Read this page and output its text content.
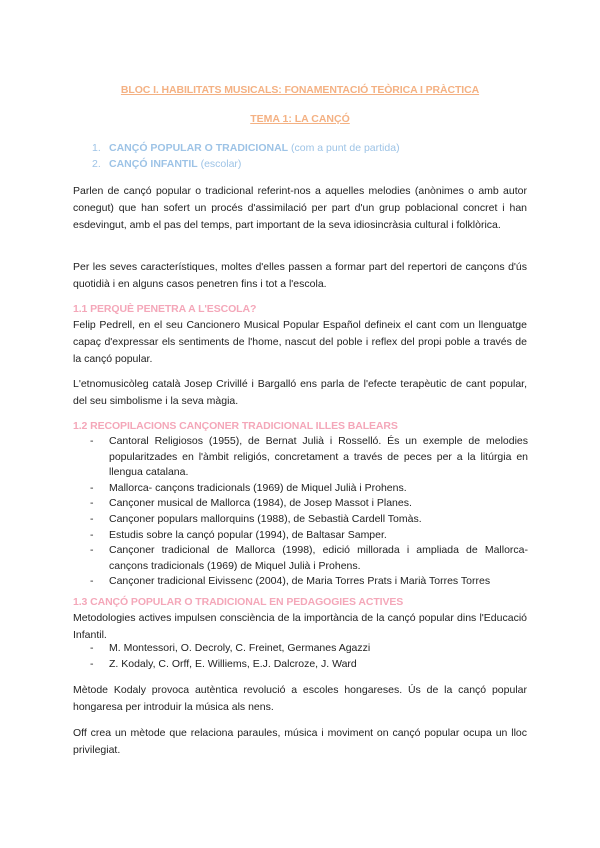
BLOC I. HABILITATS MUSICALS: FONAMENTACIÓ TEÒRICA I PRÀCTICA
TEMA 1: LA CANÇÓ
1. CANÇÓ POPULAR O TRADICIONAL (com a punt de partida)
2. CANÇÓ INFANTIL (escolar)

Parlen de cançó popular o tradicional referint-nos a aquelles melodies (anònimes o amb autor conegut) que han sofert un procés d'assimilació per part d'un grup poblacional concret i han esdevingut, amb el pas del temps, part important de la seva idiosincràsia cultural i folklòrica.

Per les seves característiques, moltes d'elles passen a formar part del repertori de cançons d'ús quotidià i en alguns casos penetren fins i tot a l'escola.

1.1 PERQUÈ PENETRA A L'ESCOLA?

Felip Pedrell, en el seu Cancionero Musical Popular Español defineix el cant com un llenguatge capaç d'expressar els sentiments de l'home, nascut del poble i reflex del propi poble a través de la cançó popular.

L'etnomusicòleg català Josep Crivillé i Bargalló ens parla de l'efecte terapèutic de cant popular, del seu simbolisme i la seva màgia.

1.2 RECOPILACIONS CANÇONER TRADICIONAL ILLES BALEARS
- Cantoral Religiosos (1955), de Bernat Julià i Rosselló. És un exemple de melodies popularitzades en l'àmbit religiós, concretament a través de peces per a la litúrgia en llengua catalana.
- Mallorca- cançons tradicionals (1969) de Miquel Julià i Prohens.
- Cançoner musical de Mallorca (1984), de Josep Massot i Planes.
- Cançoner populars mallorquins (1988), de Sebastià Cardell Tomàs.
- Estudis sobre la cançó popular (1994), de Baltasar Samper.
- Cançoner tradicional de Mallorca (1998), edició millorada i ampliada de Mallorca- cançons tradicionals (1969) de Miquel Julià i Prohens.
- Cançoner tradicional Eivissenc (2004), de Maria Torres Prats i Marià Torres Torres
1.3 CANÇÓ POPULAR O TRADICIONAL EN PEDAGOGIES ACTIVES

Metodologies actives impulsen consciència de la importància de la cançó popular dins l'Educació Infantil.

- M. Montessori, O. Decroly, C. Freinet, Germanes Agazzi
- Z. Kodaly, C. Orff, E. Williems, E.J. Dalcroze, J. Ward

Mètode Kodaly provoca autèntica revolució a escoles hongareses. Ús de la cançó popular hongaresa per introduir la música als nens.

Off crea un mètode que relaciona paraules, música i moviment on cançó popular ocupa un lloc privilegiat.
